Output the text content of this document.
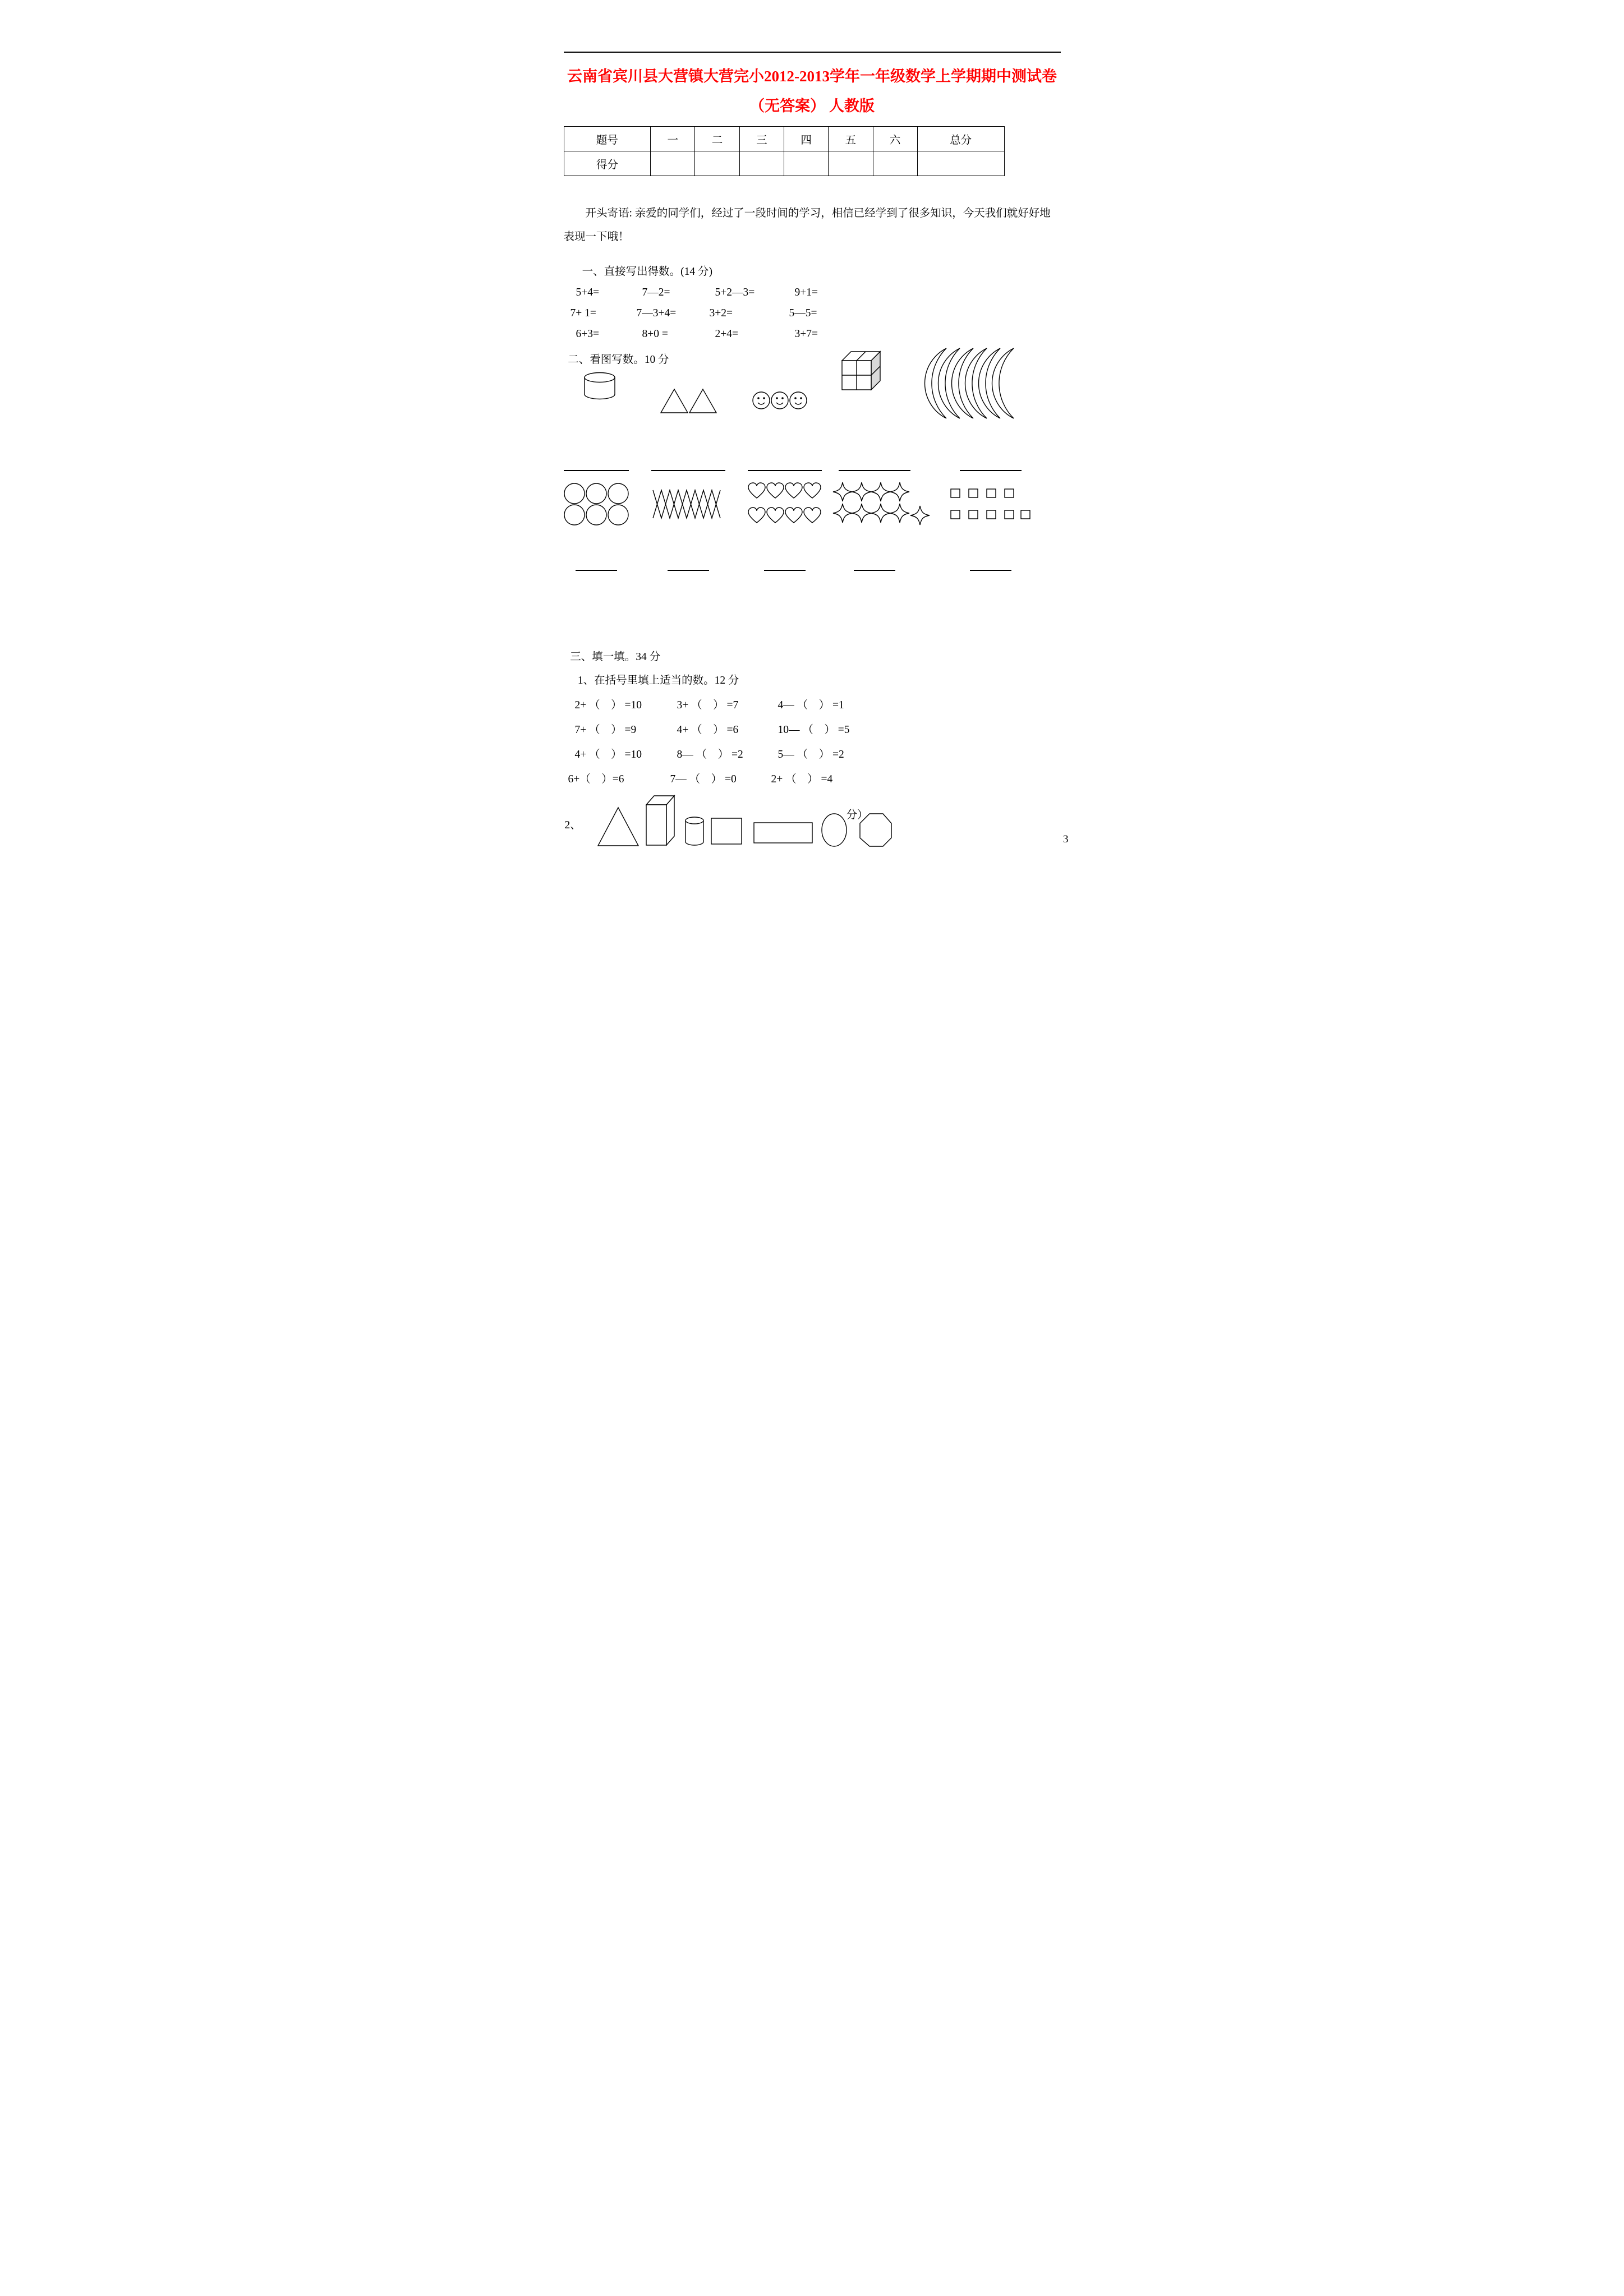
云南省宾川县大营镇大营完小2012-2013学年一年级数学上学期期中测试卷
（无答案） 人教版
题号	一	二	三	四	五	六	总分
得分							

开头寄语: 亲爱的同学们，经过了一段时间的学习，相信已经学到了很多知识，今天我们就好好地表现一下哦！

一、直接写出得数。(14 分)
5+4=	7—2=	5+2—3=	9+1=
7+ 1=	7—3+4=	3+2=	5—5=
6+3=	8+0 =	2+4=	3+7=
二、看图写数。10 分
三、填一填。34 分
1、在括号里填上适当的数。12 分
2+ （　） =10	3+ （　） =7	4— （　） =1
7+ （　） =9	4+ （　） =6	10— （　） =5
4+ （　） =10	8— （　） =2	5— （　） =2
6+（　）=6	7— （　） =0	2+ （　） =4
2、
分）
3
